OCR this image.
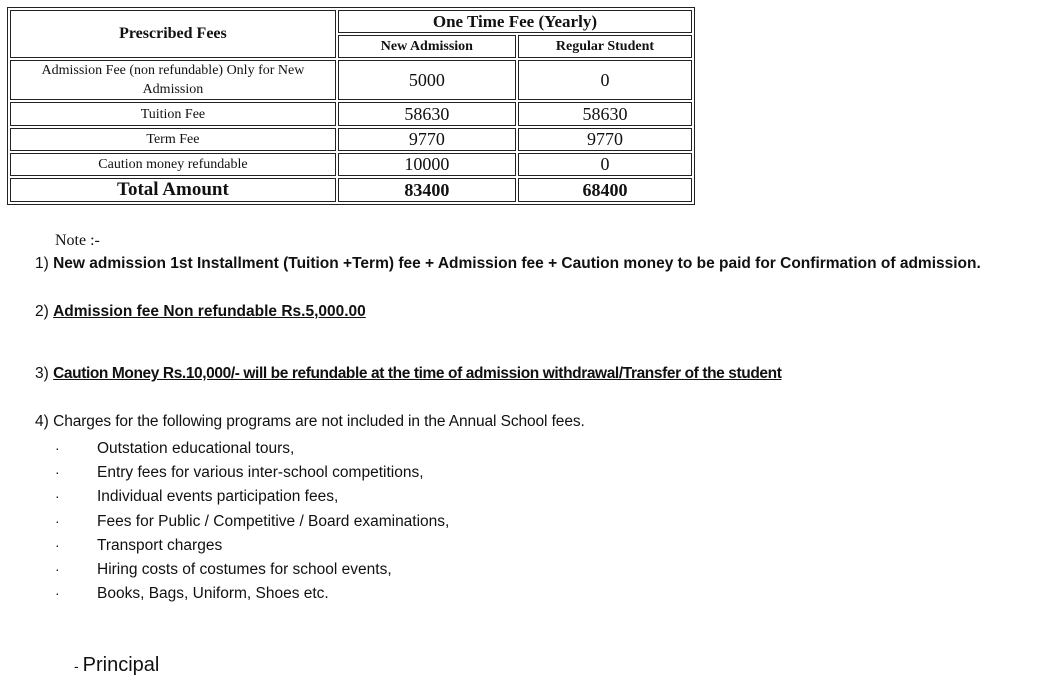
Prescribed Fees	One Time Fee (Yearly)	
	New Admission	Regular Student
Admission Fee (non refundable) Only for New Admission	5000	0
Tuition Fee	58630	58630
Term Fee	9770	9770
Caution money refundable	10000	0
Total Amount	83400	68400
Note :-
1) New admission 1st Installment (Tuition +Term) fee + Admission fee + Caution money to be paid for Confirmation of admission.
2) Admission fee Non refundable Rs.5,000.00
3) Caution Money Rs.10,000/- will be refundable at the time of admission withdrawal/Transfer of the student
4) Charges for the following programs are not included in the Annual School fees.
· Outstation educational tours,
· Entry fees for various inter-school competitions,
· Individual events participation fees,
· Fees for Public / Competitive / Board examinations,
· Transport charges
· Hiring costs of costumes for school events,
· Books, Bags, Uniform, Shoes etc.
- Principal
